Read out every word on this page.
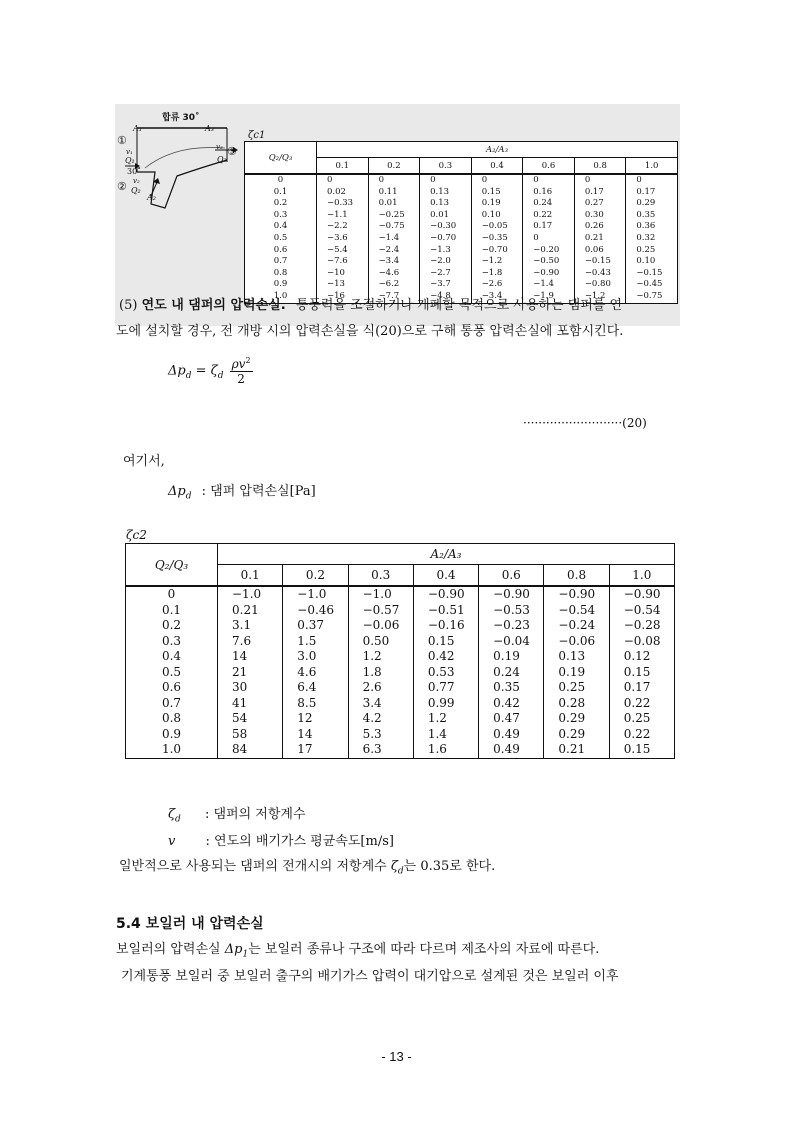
합류 30˚
①
②
③
A₁	A₃
A₂
v₁
Q₁
v₃
Q₃
30˚
v₂
Q₂
ζc1
Q₂/Q₃	A₂/A₃						
	0.1	0.2	0.3	0.4	0.6	0.8	1.0
0	0	0	0	0	0	0	0
0.1	0.02	0.11	0.13	0.15	0.16	0.17	0.17
0.2	−0.33	0.01	0.13	0.19	0.24	0.27	0.29
0.3	−1.1	−0.25	0.01	0.10	0.22	0.30	0.35
0.4	−2.2	−0.75	−0.30	−0.05	0.17	0.26	0.36
0.5	−3.6	−1.4	−0.70	−0.35	0	0.21	0.32
0.6	−5.4	−2.4	−1.3	−0.70	−0.20	0.06	0.25
0.7	−7.6	−3.4	−2.0	−1.2	−0.50	−0.15	0.10
0.8	−10	−4.6	−2.7	−1.8	−0.90	−0.43	−0.15
0.9	−13	−6.2	−3.7	−2.6	−1.4	−0.80	−0.45
1.0	−16	−7.7	−4.8	−3.4	−1.9	−1.2	−0.75
(5) 연도 내 댐퍼의 압력손실. 통풍력을 조절하거나 개폐할 목적으로 사용하는 댐퍼를 연
도에 설치할 경우, 전 개방 시의 압력손실을 식(20)으로 구해 통풍 압력손실에 포함시킨다.
$\Delta p_d = \zeta_d \frac{\rho v^2}{2}$
··························(20)
여기서,
$\Delta p_d$ : 댐퍼 압력손실[Pa]
ζc2
Q₂/Q₃	A₂/A₃						
	0.1	0.2	0.3	0.4	0.6	0.8	1.0
0	−1.0	−1.0	−1.0	−0.90	−0.90	−0.90	−0.90
0.1	0.21	−0.46	−0.57	−0.51	−0.53	−0.54	−0.54
0.2	3.1	0.37	−0.06	−0.16	−0.23	−0.24	−0.28
0.3	7.6	1.5	0.50	0.15	−0.04	−0.06	−0.08
0.4	14	3.0	1.2	0.42	0.19	0.13	0.12
0.5	21	4.6	1.8	0.53	0.24	0.19	0.15
0.6	30	6.4	2.6	0.77	0.35	0.25	0.17
0.7	41	8.5	3.4	0.99	0.42	0.28	0.22
0.8	54	12	4.2	1.2	0.47	0.29	0.25
0.9	58	14	5.3	1.4	0.49	0.29	0.22
1.0	84	17	6.3	1.6	0.49	0.21	0.15
$\zeta_d$ : 댐퍼의 저항계수
v : 연도의 배기가스 평균속도[m/s]
일반적으로 사용되는 댐퍼의 전개시의 저항계수 $\zeta_d$는 0.35로 한다.
5.4 보일러 내 압력손실
보일러의 압력손실 $\Delta p_1$는 보일러 종류나 구조에 따라 다르며 제조사의 자료에 따른다.
기계통풍 보일러 중 보일러 출구의 배기가스 압력이 대기압으로 설계된 것은 보일러 이후
- 13 -
